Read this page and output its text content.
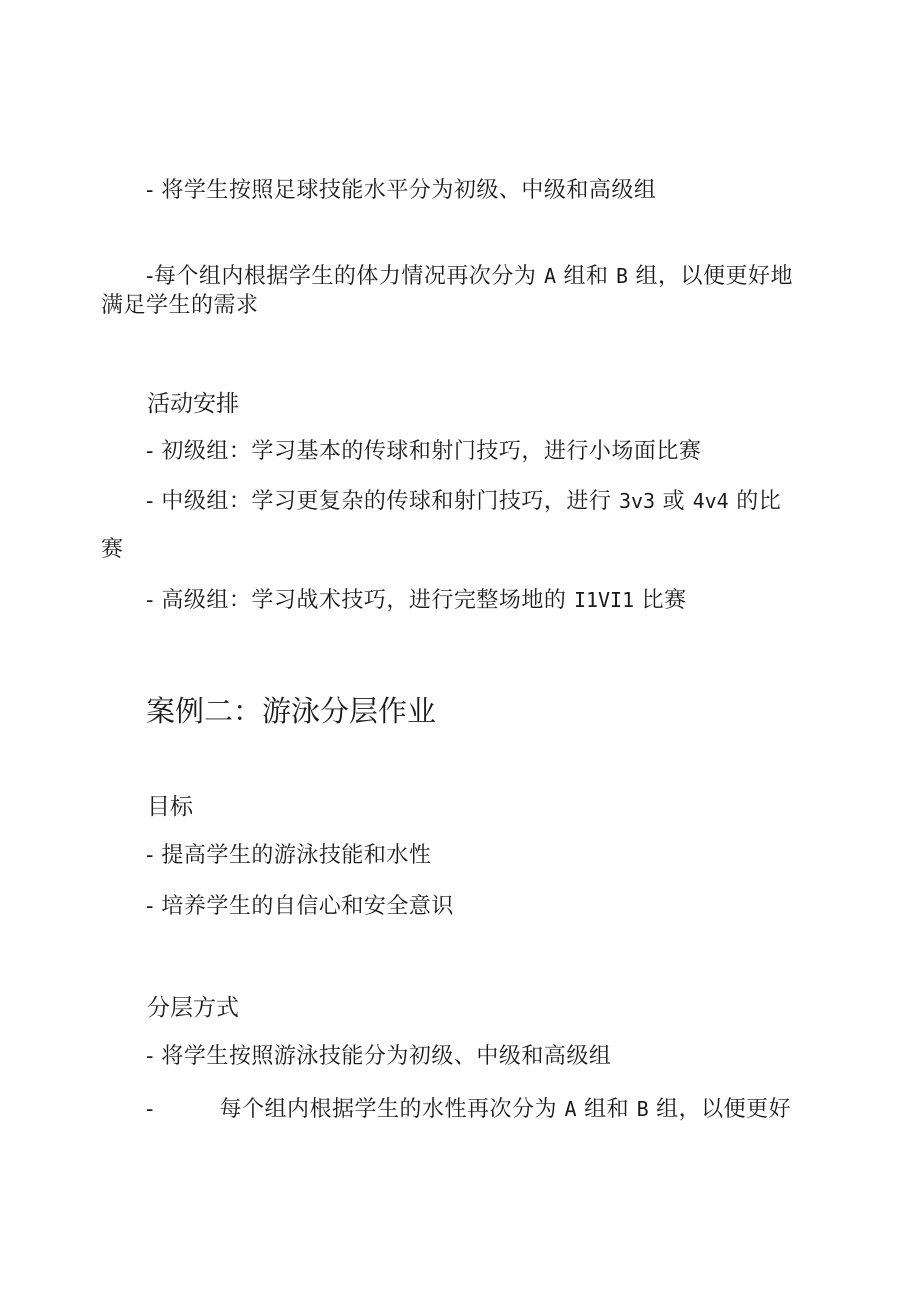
- 将学生按照足球技能水平分为初级、中级和高级组

-每个组内根据学生的体力情况再次分为 A 组和 B 组，以便更好地

满足学生的需求

活动安排

- 初级组：学习基本的传球和射门技巧，进行小场面比赛

- 中级组：学习更复杂的传球和射门技巧，进行 3v3 或 4v4 的比

赛

- 高级组：学习战术技巧，进行完整场地的 I1VI1 比赛

案例二：游泳分层作业

目标

- 提高学生的游泳技能和水性

- 培养学生的自信心和安全意识

分层方式

- 将学生按照游泳技能分为初级、中级和高级组

-	每个组内根据学生的水性再次分为 A 组和 B 组，以便更好
